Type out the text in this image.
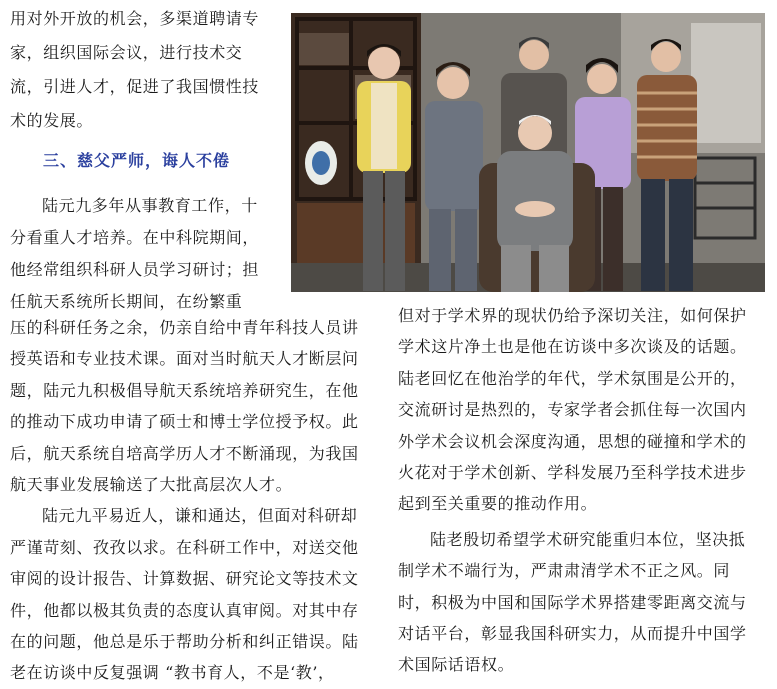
用对外开放的机会，多渠道聘请专
家，组织国际会议，进行技术交
流，引进人才，促进了我国惯性技
术的发展。
三、慈父严师，诲人不倦
陆元九多年从事教育工作，十
分看重人才培养。在中科院期间，
他经常组织科研人员学习研讨；担
任航天系统所长期间，在纷繁重
压的科研任务之余，仍亲自给中青年科技人员讲
授英语和专业技术课。面对当时航天人才断层问
题，陆元九积极倡导航天系统培养研究生，在他
的推动下成功申请了硕士和博士学位授予权。此
后，航天系统自培高学历人才不断涌现，为我国
航天事业发展输送了大批高层次人才。
陆元九平易近人，谦和通达，但面对科研却
严谨苛刻、孜孜以求。在科研工作中，对送交他
审阅的设计报告、计算数据、研究论文等技术文
件，他都以极其负责的态度认真审阅。对其中存
在的问题，他总是乐于帮助分析和纠正错误。陆
老在访谈中反复强调 “教书育人，不是‘教’，
但对于学术界的现状仍给予深切关注，如何保护
学术这片净土也是他在访谈中多次谈及的话题。
陆老回忆在他治学的年代，学术氛围是公开的，
交流研讨是热烈的，专家学者会抓住每一次国内
外学术会议机会深度沟通，思想的碰撞和学术的
火花对于学术创新、学科发展乃至科学技术进步
起到至关重要的推动作用。
陆老殷切希望学术研究能重归本位，坚决抵
制学术不端行为，严肃肃清学术不正之风。同
时，积极为中国和国际学术界搭建零距离交流与
对话平台，彰显我国科研实力，从而提升中国学
术国际话语权。
